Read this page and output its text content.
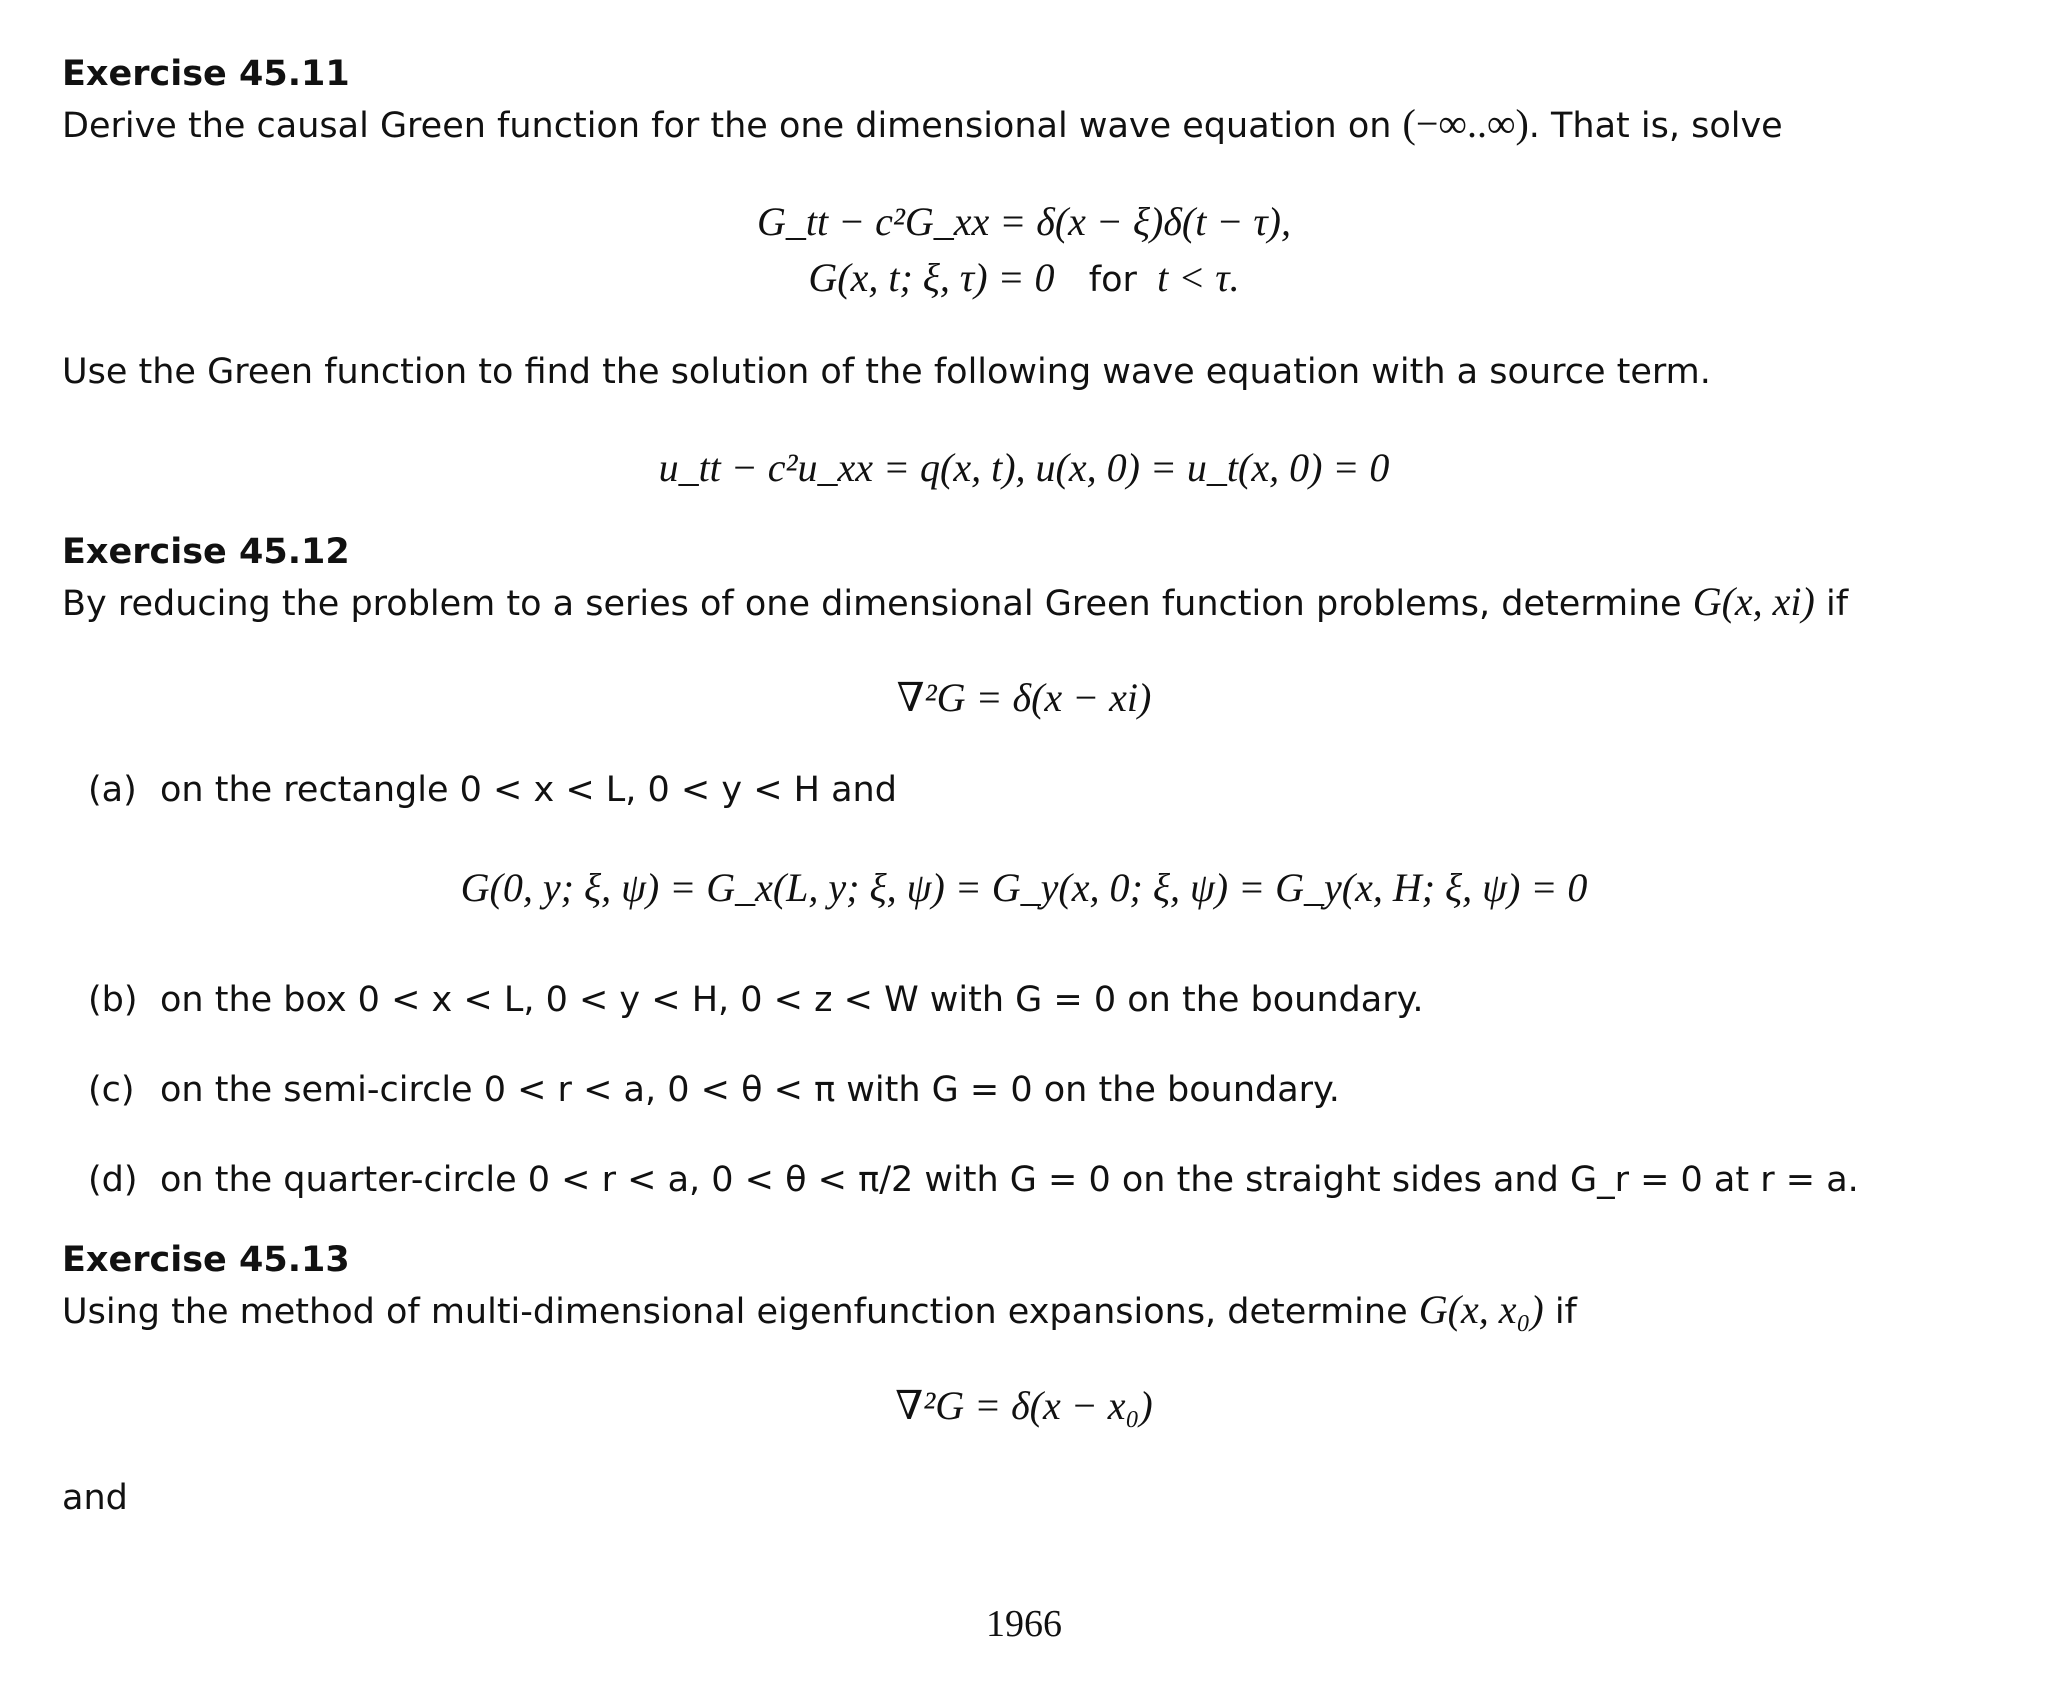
Exercise 45.11
Derive the causal Green function for the one dimensional wave equation on (−∞..∞). That is, solve
G_tt − c²G_xx = δ(x − ξ)δ(t − τ),
G(x, t; ξ, τ) = 0 for t < τ.
Use the Green function to find the solution of the following wave equation with a source term.
u_tt − c²u_xx = q(x, t), u(x, 0) = u_t(x, 0) = 0
Exercise 45.12
By reducing the problem to a series of one dimensional Green function problems, determine G(x, xi) if
∇²G = δ(x − xi)
(a) on the rectangle 0 < x < L, 0 < y < H and
G(0, y; ξ, ψ) = G_x(L, y; ξ, ψ) = G_y(x, 0; ξ, ψ) = G_y(x, H; ξ, ψ) = 0
(b) on the box 0 < x < L, 0 < y < H, 0 < z < W with G = 0 on the boundary.
(c) on the semi-circle 0 < r < a, 0 < θ < π with G = 0 on the boundary.
(d) on the quarter-circle 0 < r < a, 0 < θ < π/2 with G = 0 on the straight sides and G_r = 0 at r = a.
Exercise 45.13
Using the method of multi-dimensional eigenfunction expansions, determine G(x, x₀) if
∇²G = δ(x − x₀)
and
1966
